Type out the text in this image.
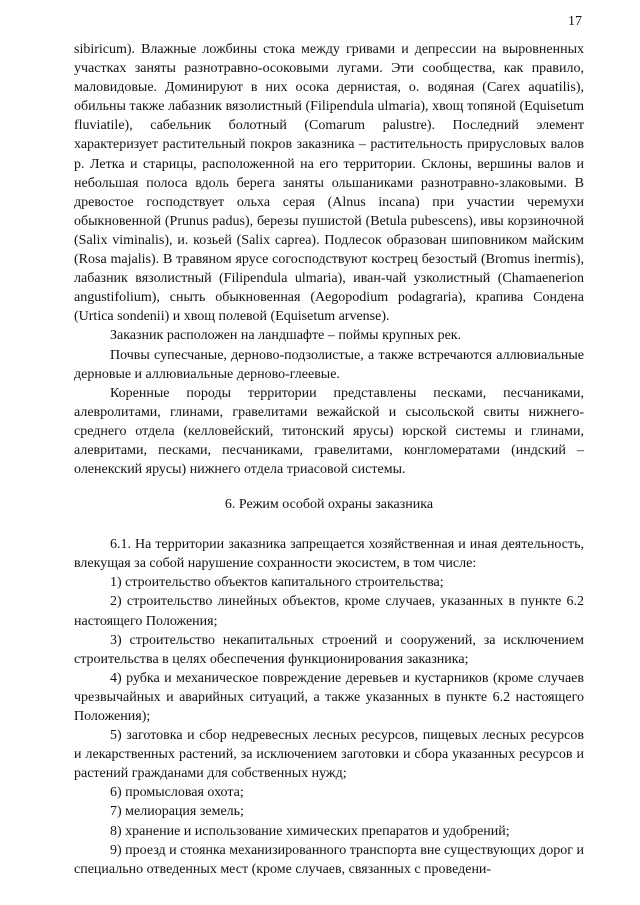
17

sibiricum). Влажные ложбины стока между гривами и депрессии на выровненных участках заняты разнотравно-осоковыми лугами. Эти сообщества, как правило, маловидовые. Доминируют в них осока дернистая, о. водяная (Carex aquatilis), обильны также лабазник вязолистный (Filipendula ulmaria), хвощ топяной (Equisetum fluviatile), сабельник болотный (Comarum palustre). Последний элемент характеризует растительный покров заказника – растительность прирусловых валов р. Летка и старицы, расположенной на его территории. Склоны, вершины валов и небольшая полоса вдоль берега заняты ольшаниками разнотравно-злаковыми. В древостое господствует ольха серая (Alnus incana) при участии черемухи обыкновенной (Prunus padus), березы пушистой (Betula pubescens), ивы корзиночной (Salix viminalis), и. козьей (Salix caprea). Подлесок образован шиповником майским (Rosa majalis). В травяном ярусе согосподствуют кострец безостый (Bromus inermis), лабазник вязолистный (Filipendula ulmaria), иван-чай узколистный (Chamaenerion angustifolium), сныть обыкновенная (Aegopodium podagraria), крапива Сондена (Urtica sondenii) и хвощ полевой (Equisetum arvense).

Заказник расположен на ландшафте – поймы крупных рек.

Почвы супесчаные, дерново-подзолистые, а также встречаются аллювиальные дерновые и аллювиальные дерново-глеевые.

Коренные породы территории представлены песками, песчаниками, алевролитами, глинами, гравелитами вежайской и сысольской свиты нижнего-среднего отдела (келловейский, титонский ярусы) юрской системы и глинами, алевритами, песками, песчаниками, гравелитами, конгломератами (индский – оленекский ярусы) нижнего отдела триасовой системы.

6. Режим особой охраны заказника

6.1. На территории заказника запрещается хозяйственная и иная деятельность, влекущая за собой нарушение сохранности экосистем, в том числе:

1) строительство объектов капитального строительства;

2) строительство линейных объектов, кроме случаев, указанных в пункте 6.2 настоящего Положения;

3) строительство некапитальных строений и сооружений, за исключением строительства в целях обеспечения функционирования заказника;

4) рубка и механическое повреждение деревьев и кустарников (кроме случаев чрезвычайных и аварийных ситуаций, а также указанных в пункте 6.2 настоящего Положения);

5) заготовка и сбор недревесных лесных ресурсов, пищевых лесных ресурсов и лекарственных растений, за исключением заготовки и сбора указанных ресурсов и растений гражданами для собственных нужд;

6) промысловая охота;

7) мелиорация земель;

8) хранение и использование химических препаратов и удобрений;

9) проезд и стоянка механизированного транспорта вне существующих дорог и специально отведенных мест (кроме случаев, связанных с проведени-
